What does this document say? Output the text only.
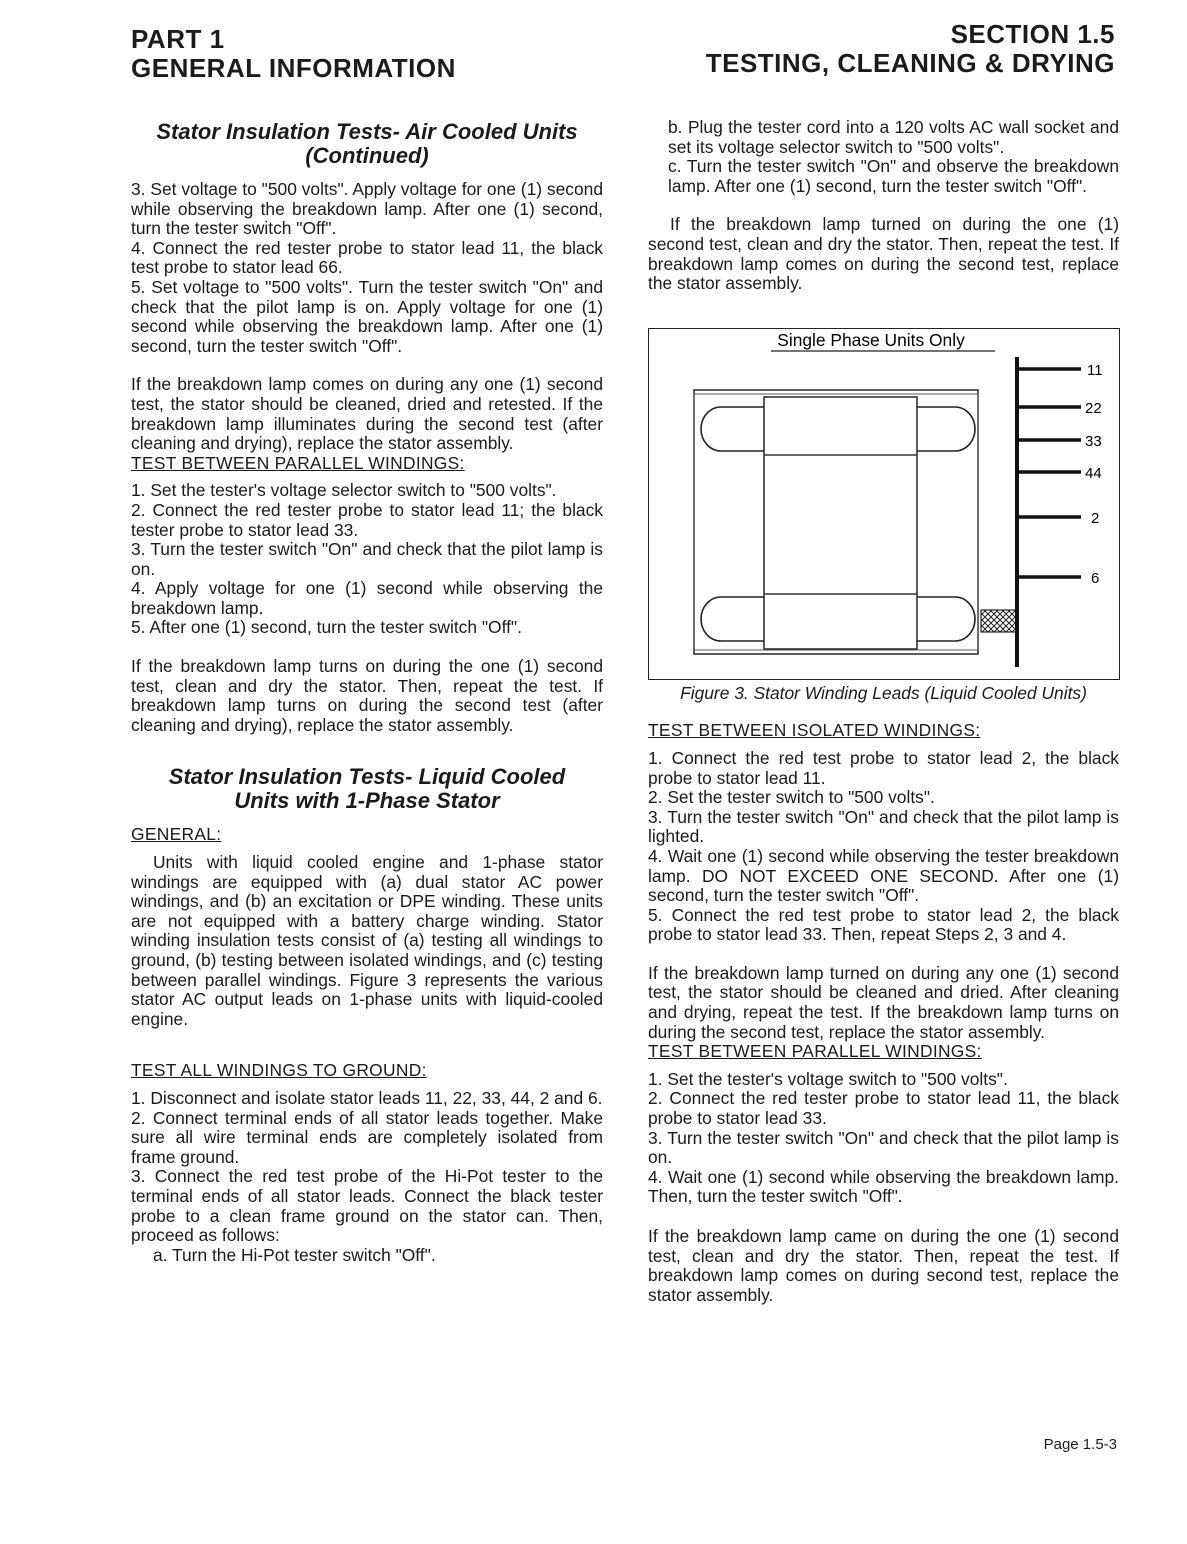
PART 1
GENERAL INFORMATION
SECTION 1.5
TESTING, CLEANING & DRYING
Stator Insulation Tests- Air Cooled Units
(Continued)

3. Set voltage to "500 volts". Apply voltage for one (1) second while observing the breakdown lamp. After one (1) second, turn the tester switch "Off".

4. Connect the red tester probe to stator lead 11, the black test probe to stator lead 66.

5. Set voltage to "500 volts". Turn the tester switch "On" and check that the pilot lamp is on. Apply voltage for one (1) second while observing the breakdown lamp. After one (1) second, turn the tester switch "Off".

If the breakdown lamp comes on during any one (1) second test, the stator should be cleaned, dried and retested. If the breakdown lamp illuminates during the second test (after cleaning and drying), replace the stator assembly.

TEST BETWEEN PARALLEL WINDINGS:

1. Set the tester's voltage selector switch to "500 volts".

2. Connect the red tester probe to stator lead 11; the black tester probe to stator lead 33.

3. Turn the tester switch "On" and check that the pilot lamp is on.

4. Apply voltage for one (1) second while observing the breakdown lamp.

5. After one (1) second, turn the tester switch "Off".

If the breakdown lamp turns on during the one (1) second test, clean and dry the stator. Then, repeat the test. If breakdown lamp turns on during the second test (after cleaning and drying), replace the stator assembly.

Stator Insulation Tests- Liquid Cooled
Units with 1-Phase Stator
GENERAL:

Units with liquid cooled engine and 1-phase stator windings are equipped with (a) dual stator AC power windings, and (b) an excitation or DPE winding. These units are not equipped with a battery charge winding. Stator winding insulation tests consist of (a) testing all windings to ground, (b) testing between isolated windings, and (c) testing between parallel windings. Figure 3 represents the various stator AC output leads on 1-phase units with liquid-cooled engine.

TEST ALL WINDINGS TO GROUND:

1. Disconnect and isolate stator leads 11, 22, 33, 44, 2 and 6.

2. Connect terminal ends of all stator leads together. Make sure all wire terminal ends are completely isolated from frame ground.

3. Connect the red test probe of the Hi-Pot tester to the terminal ends of all stator leads. Connect the black tester probe to a clean frame ground on the stator can. Then, proceed as follows:

a. Turn the Hi-Pot tester switch "Off".

b. Plug the tester cord into a 120 volts AC wall socket and set its voltage selector switch to "500 volts".

c. Turn the tester switch "On" and observe the breakdown lamp. After one (1) second, turn the tester switch "Off".

If the breakdown lamp turned on during the one (1) second test, clean and dry the stator. Then, repeat the test. If breakdown lamp comes on during the second test, replace the stator assembly.

Single Phase Units Only
11
22
33
44
2
6
Figure 3. Stator Winding Leads (Liquid Cooled Units)
TEST BETWEEN ISOLATED WINDINGS:

1. Connect the red test probe to stator lead 2, the black probe to stator lead 11.

2. Set the tester switch to "500 volts".

3. Turn the tester switch "On" and check that the pilot lamp is lighted.

4. Wait one (1) second while observing the tester breakdown lamp. DO NOT EXCEED ONE SECOND. After one (1) second, turn the tester switch "Off".

5. Connect the red test probe to stator lead 2, the black probe to stator lead 33. Then, repeat Steps 2, 3 and 4.

If the breakdown lamp turned on during any one (1) second test, the stator should be cleaned and dried. After cleaning and drying, repeat the test. If the breakdown lamp turns on during the second test, replace the stator assembly.

TEST BETWEEN PARALLEL WINDINGS:

1. Set the tester's voltage switch to "500 volts".

2. Connect the red tester probe to stator lead 11, the black probe to stator lead 33.

3. Turn the tester switch "On" and check that the pilot lamp is on.

4. Wait one (1) second while observing the breakdown lamp. Then, turn the tester switch "Off".

If the breakdown lamp came on during the one (1) second test, clean and dry the stator. Then, repeat the test. If breakdown lamp comes on during second test, replace the stator assembly.

Page 1.5-3
